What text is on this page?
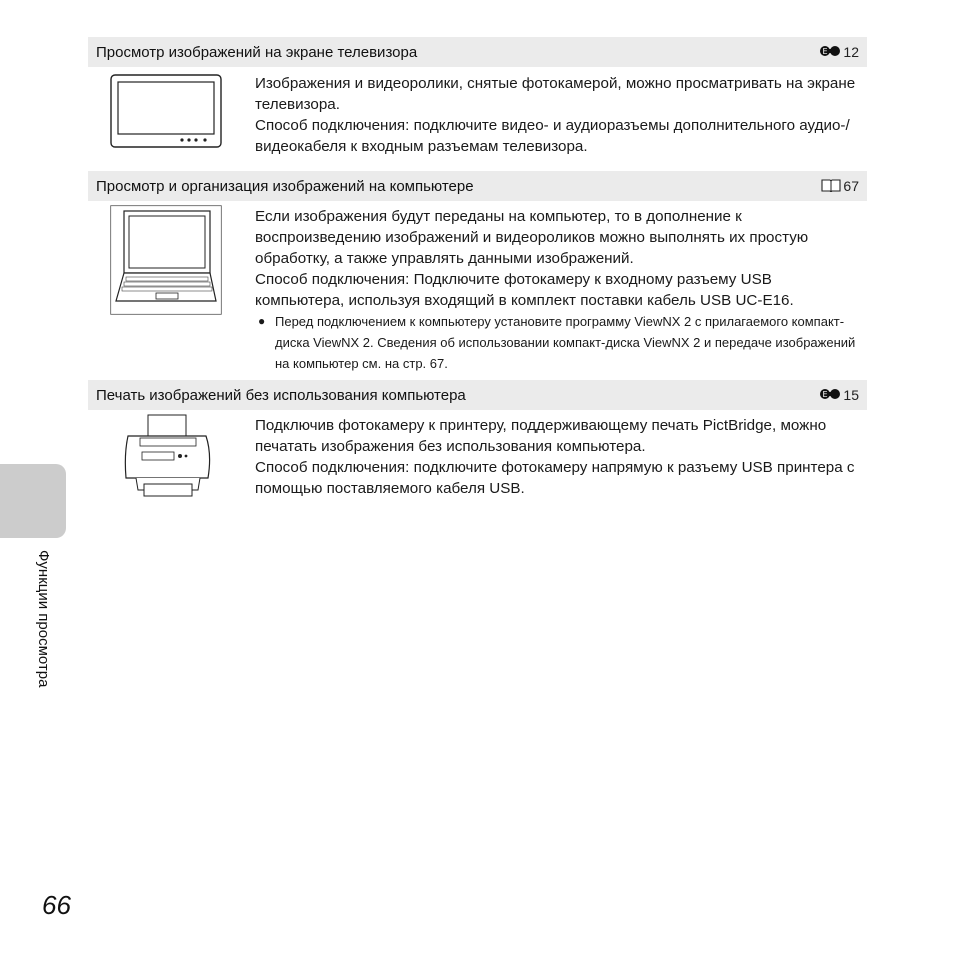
Просмотр изображений на экране телевизора	E 12

Изображения и видеоролики, снятые фотокамерой, можно просматривать на экране телевизора.

Способ подключения: подключите видео- и аудиоразъемы дополнительного аудио-/видеокабеля к входным разъемам телевизора.

Просмотр и организация изображений на компьютере	67

Если изображения будут переданы на компьютер, то в дополнение к воспроизведению изображений и видеороликов можно выполнять их простую обработку, а также управлять данными изображений.

Способ подключения: Подключите фотокамеру к входному разъему USB компьютера, используя входящий в комплект поставки кабель USB UC-E16.

● Перед подключением к компьютеру установите программу ViewNX 2 с прилагаемого компакт-диска ViewNX 2. Сведения об использовании компакт-диска ViewNX 2 и передаче изображений на компьютер см. на стр. 67.
Печать изображений без использования компьютера	E 15

Подключив фотокамеру к принтеру, поддерживающему печать PictBridge, можно печатать изображения без использования компьютера.

Способ подключения: подключите фотокамеру напрямую к разъему USB принтера с помощью поставляемого кабеля USB.

Функции просмотра
66
